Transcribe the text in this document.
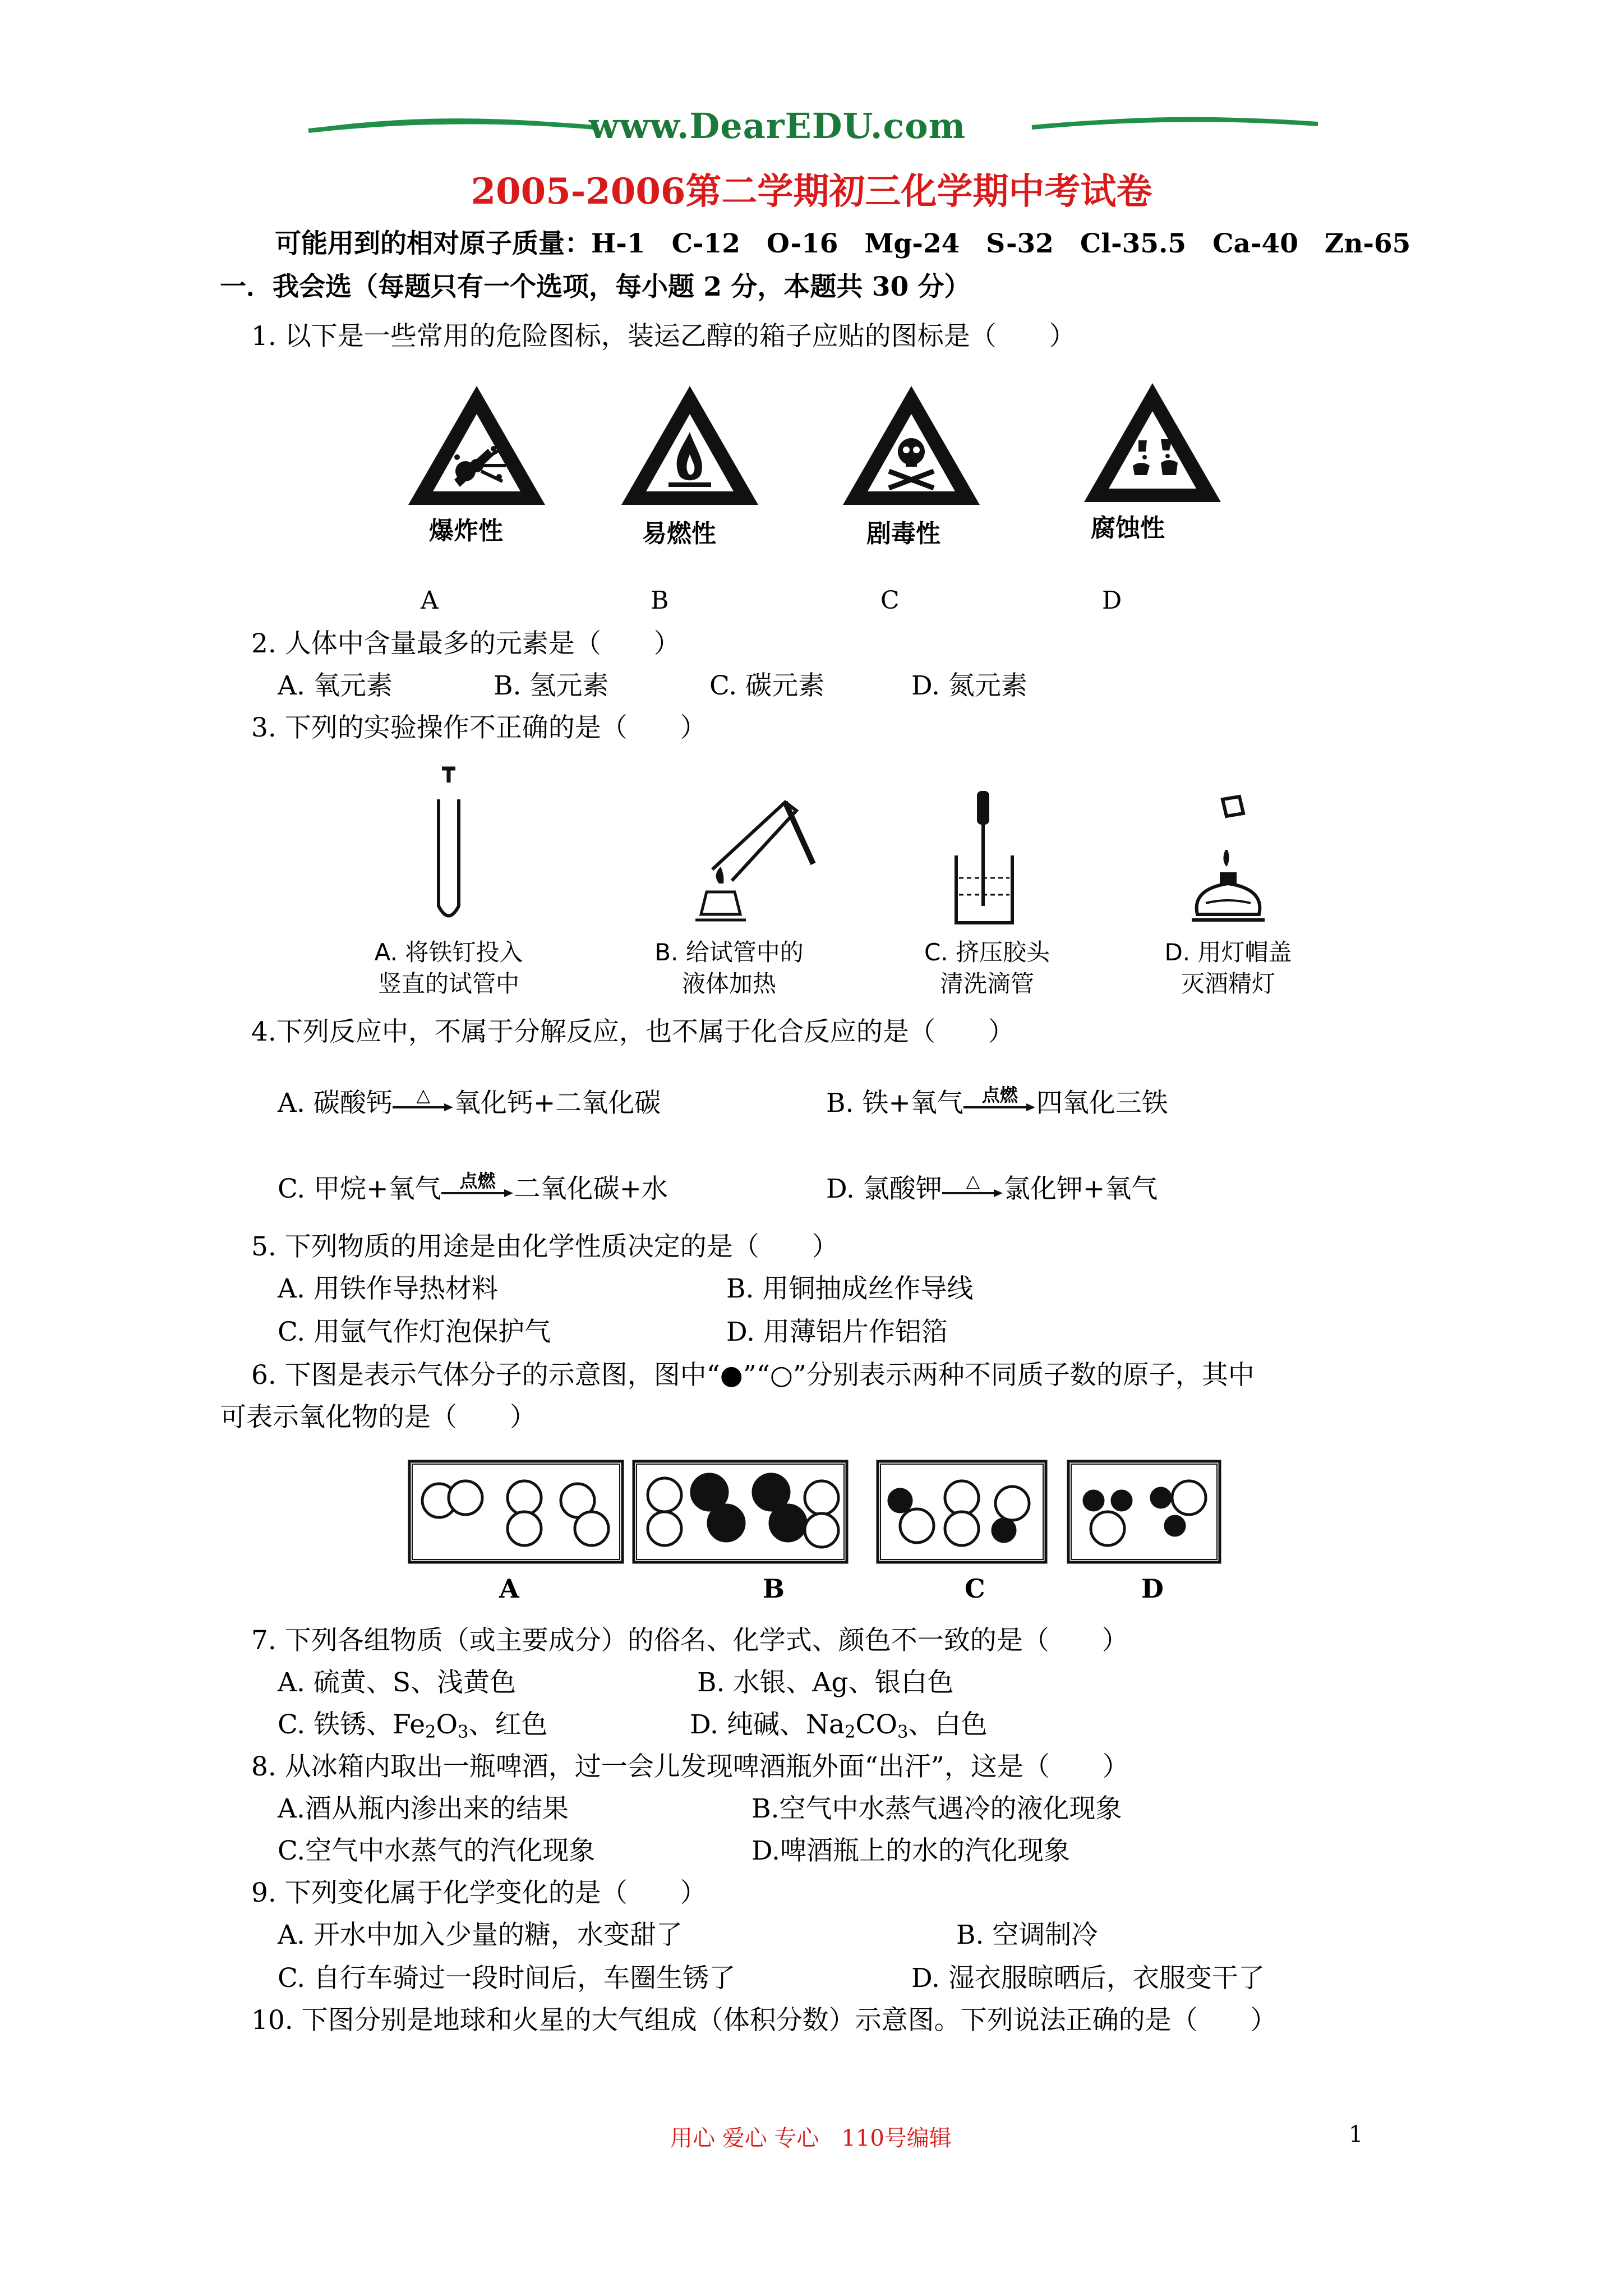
www.DearEDU.com
2005-2006第二学期初三化学期中考试卷
可能用到的相对原子质量：H-1　C-12　O-16　Mg-24　S-32　Cl-35.5　Ca-40　Zn-65
一．我会选（每题只有一个选项，每小题 2 分，本题共 30 分）
1. 以下是一些常用的危险图标，装运乙醇的箱子应贴的图标是（　　）
爆炸性	易燃性	剧毒性	腐蚀性
A	B	C	D
2. 人体中含量最多的元素是（　　）
A. 氧元素	B. 氢元素	C. 碳元素	D. 氮元素
3. 下列的实验操作不正确的是（　　）
A. 将铁钉投入
竖直的试管中
B. 给试管中的
液体加热
C. 挤压胶头
清洗滴管
D. 用灯帽盖
灭酒精灯
4.下列反应中，不属于分解反应，也不属于化合反应的是（　　）
A. 碳酸钙	△ 氧化钙+二氧化碳	B. 铁+氧气	点燃 四氧化三铁
C. 甲烷+氧气	点燃 二氧化碳+水	D. 氯酸钾	△ 氯化钾+氧气
5. 下列物质的用途是由化学性质决定的是（　　）
A. 用铁作导热材料	B. 用铜抽成丝作导线
C. 用氩气作灯泡保护气	D. 用薄铝片作铝箔
6. 下图是表示气体分子的示意图，图中“●”“○”分别表示两种不同质子数的原子，其中
可表示氧化物的是（　　）
A	B	C	D
7. 下列各组物质（或主要成分）的俗名、化学式、颜色不一致的是（　　）
A. 硫黄、S、浅黄色	B. 水银、Ag、银白色
C. 铁锈、$Fe_2O_3$、红色	D. 纯碱、$Na_2CO_3$、白色
8. 从冰箱内取出一瓶啤酒，过一会儿发现啤酒瓶外面“出汗”，这是（　　）
A.酒从瓶内渗出来的结果	B.空气中水蒸气遇冷的液化现象
C.空气中水蒸气的汽化现象	D.啤酒瓶上的水的汽化现象
9. 下列变化属于化学变化的是（　　）
A. 开水中加入少量的糖，水变甜了	B. 空调制冷
C. 自行车骑过一段时间后，车圈生锈了	D. 湿衣服晾晒后，衣服变干了
10. 下图分别是地球和火星的大气组成（体积分数）示意图。下列说法正确的是（　　）
用心 爱心 专心　110号编辑	1
